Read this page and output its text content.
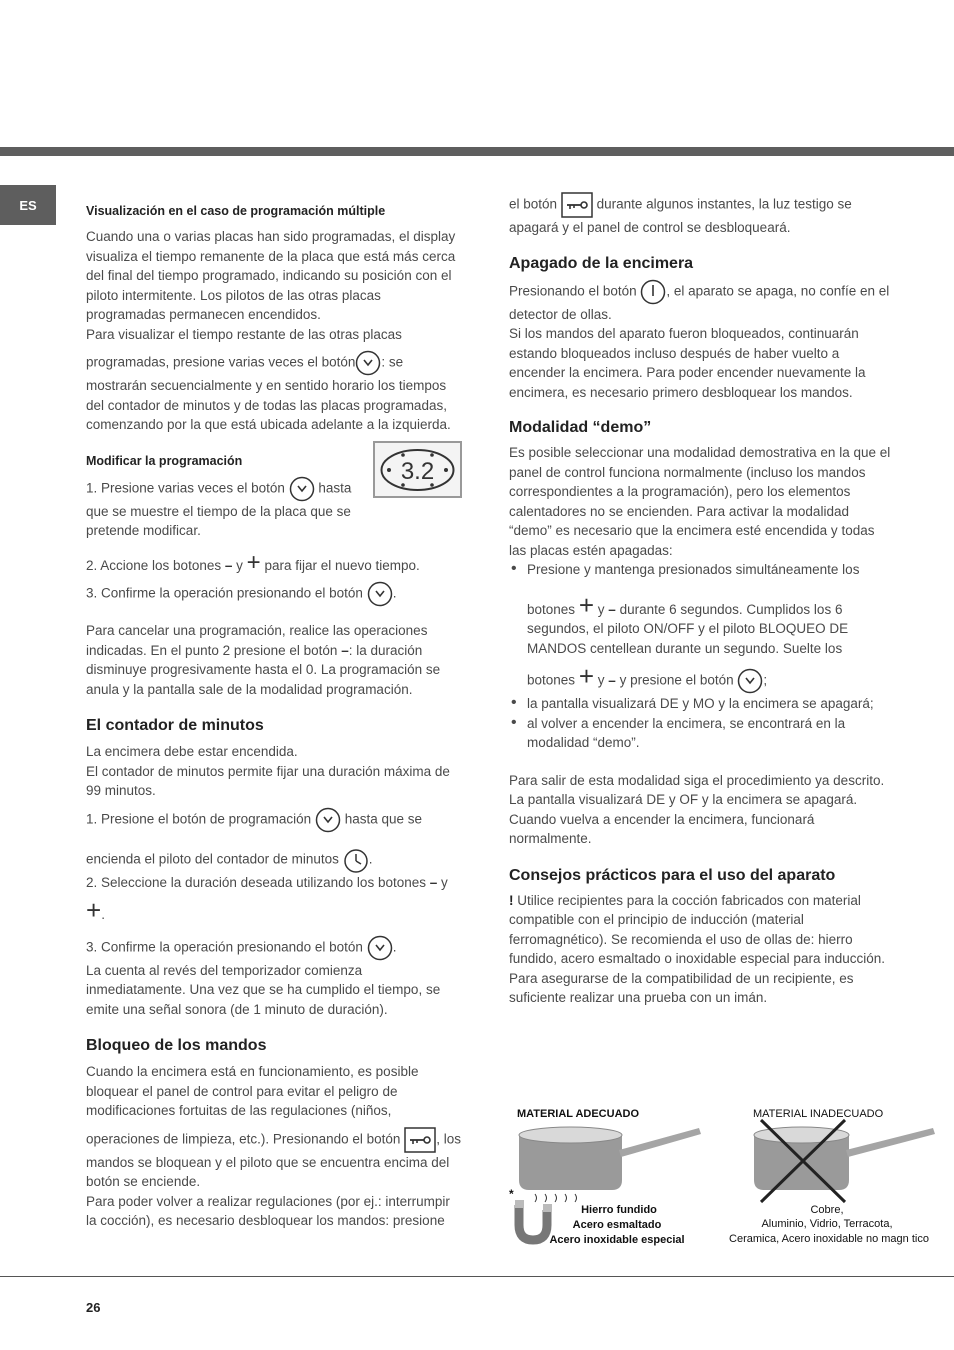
ES	Visualización en el caso de programación múltiple

Cuando una o varias placas han sido programadas, el display visualiza el tiempo remanente de la placa que está más cerca del final del tiempo programado, indicando su posición con el piloto intermitente. Los pilotos de las otras placas programadas permanecen encendidos.

Para visualizar el tiempo restante de las otras placas

programadas, presione varias veces el botón : se mostrarán secuencialmente y en sentido horario los tiempos del contador de minutos y de todas las placas programadas, comenzando por la que está ubicada adelante a la izquierda.

Modificar la programación

1. Presione varias veces el botón hasta que se muestre el tiempo de la placa que se pretende modificar.

2. Accione los botones – y + para fijar el nuevo tiempo.

3. Confirme la operación presionando el botón .

Para cancelar una programación, realice las operaciones indicadas. En el punto 2 presione el botón –: la duración disminuye progresivamente hasta el 0. La programación se anula y la pantalla sale de la modalidad programación.

El contador de minutos

La encimera debe estar encendida.

El contador de minutos permite fijar una duración máxima de 99 minutos.

1. Presione el botón de programación hasta que se

encienda el piloto del contador de minutos .

2. Seleccione la duración deseada utilizando los botones – y

+.

3. Confirme la operación presionando el botón .

La cuenta al revés del temporizador comienza inmediatamente. Una vez que se ha cumplido el tiempo, se emite una señal sonora (de 1 minuto de duración).

Bloqueo de los mandos

Cuando la encimera está en funcionamiento, es posible bloquear el panel de control para evitar el peligro de modificaciones fortuitas de las regulaciones (niños,

operaciones de limpieza, etc.). Presionando el botón	, los mandos se bloquean y el piloto que se encuentra encima del botón se enciende.

Para poder volver a realizar regulaciones (por ej.: interrumpir la cocción), es necesario desbloquear los mandos: presione

3.2

el botón	durante algunos instantes, la luz testigo se apagará y el panel de control se desbloqueará.

Apagado de la encimera

Presionando el botón , el aparato se apaga, no confíe en el detector de ollas.

Si los mandos del aparato fueron bloqueados, continuarán estando bloqueados incluso después de haber vuelto a encender la encimera. Para poder encender nuevamente la encimera, es necesario primero desbloquear los mandos.

Modalidad “demo”

Es posible seleccionar una modalidad demostrativa en la que el panel de control funciona normalmente (incluso los mandos correspondientes a la programación), pero los elementos calentadores no se encienden. Para activar la modalidad “demo” es necesario que la encimera esté encendida y todas las placas estén apagadas:

• Presione y mantenga presionados simultáneamente los

botones + y – durante 6 segundos. Cumplidos los 6 segundos, el piloto ON/OFF y el piloto BLOQUEO DE MANDOS centellean durante un segundo. Suelte los

botones + y – y presione el botón ;

• la pantalla visualizará DE y MO y la encimera se apagará;

• al volver a encender la encimera, se encontrará en la modalidad “demo”.

Para salir de esta modalidad siga el procedimiento ya descrito. La pantalla visualizará DE y OF y la encimera se apagará. Cuando vuelva a encender la encimera, funcionará normalmente.

Consejos prácticos para el uso del aparato

! Utilice recipientes para la cocción fabricados con material compatible con el principio de inducción (material ferromagnético). Se recomienda el uso de ollas de: hierro fundido, acero esmaltado o inoxidable especial para inducción. Para asegurarse de la compatibilidad de un recipiente, es suficiente realizar una prueba con un imán.

MATERIAL ADECUADO
*
Hierro fundido
Acero esmaltado
Acero inoxidable especial
MATERIAL INADECUADO
Cobre,
Aluminio, Vidrio, Terracota,
Ceramica, Acero inoxidable no magn tico
26
